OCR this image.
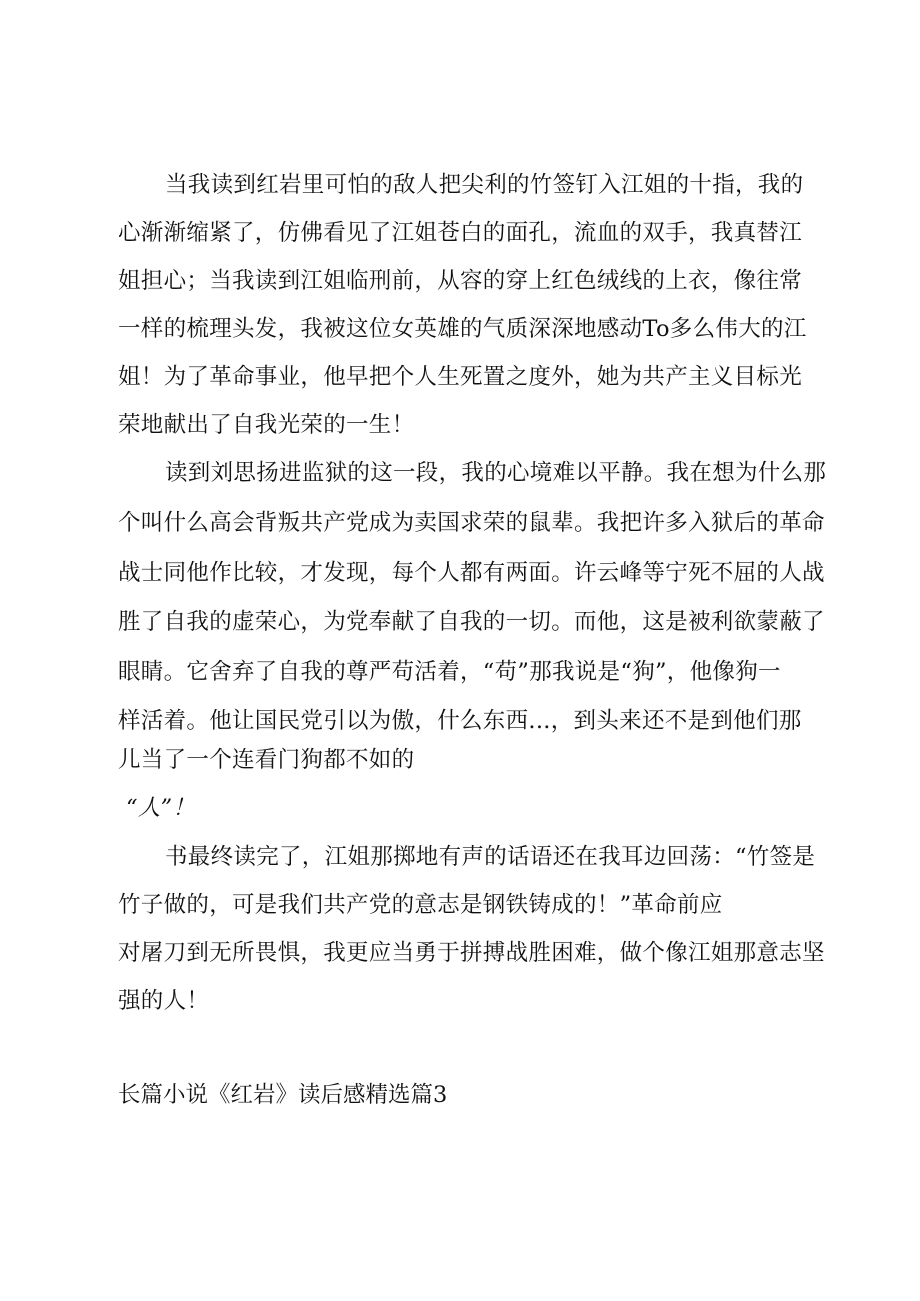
当我读到红岩里可怕的敌人把尖利的竹签钉入江姐的十指，我的
心渐渐缩紧了，仿佛看见了江姐苍白的面孔，流血的双手，我真替江
姐担心；当我读到江姐临刑前，从容的穿上红色绒线的上衣，像往常
一样的梳理头发，我被这位女英雄的气质深深地感动To多么伟大的江
姐！为了革命事业，他早把个人生死置之度外，她为共产主义目标光
荣地献出了自我光荣的一生！
读到刘思扬进监狱的这一段，我的心境难以平静。我在想为什么那
个叫什么高会背叛共产党成为卖国求荣的鼠辈。我把许多入狱后的革命
战士同他作比较，才发现，每个人都有两面。许云峰等宁死不屈的人战
胜了自我的虚荣心，为党奉献了自我的一切。而他，这是被利欲蒙蔽了
眼睛。它舍弃了自我的尊严苟活着，“苟”那我说是“狗”，他像狗一
样活着。他让国民党引以为傲，什么东西...，到头来还不是到他们那
儿当了一个连看门狗都不如的
“人”！
书最终读完了，江姐那掷地有声的话语还在我耳边回荡：“竹签是
竹子做的，可是我们共产党的意志是钢铁铸成的！”革命前应
对屠刀到无所畏惧，我更应当勇于拼搏战胜困难，做个像江姐那意志坚
强的人！
长篇小说《红岩》读后感精选篇3
